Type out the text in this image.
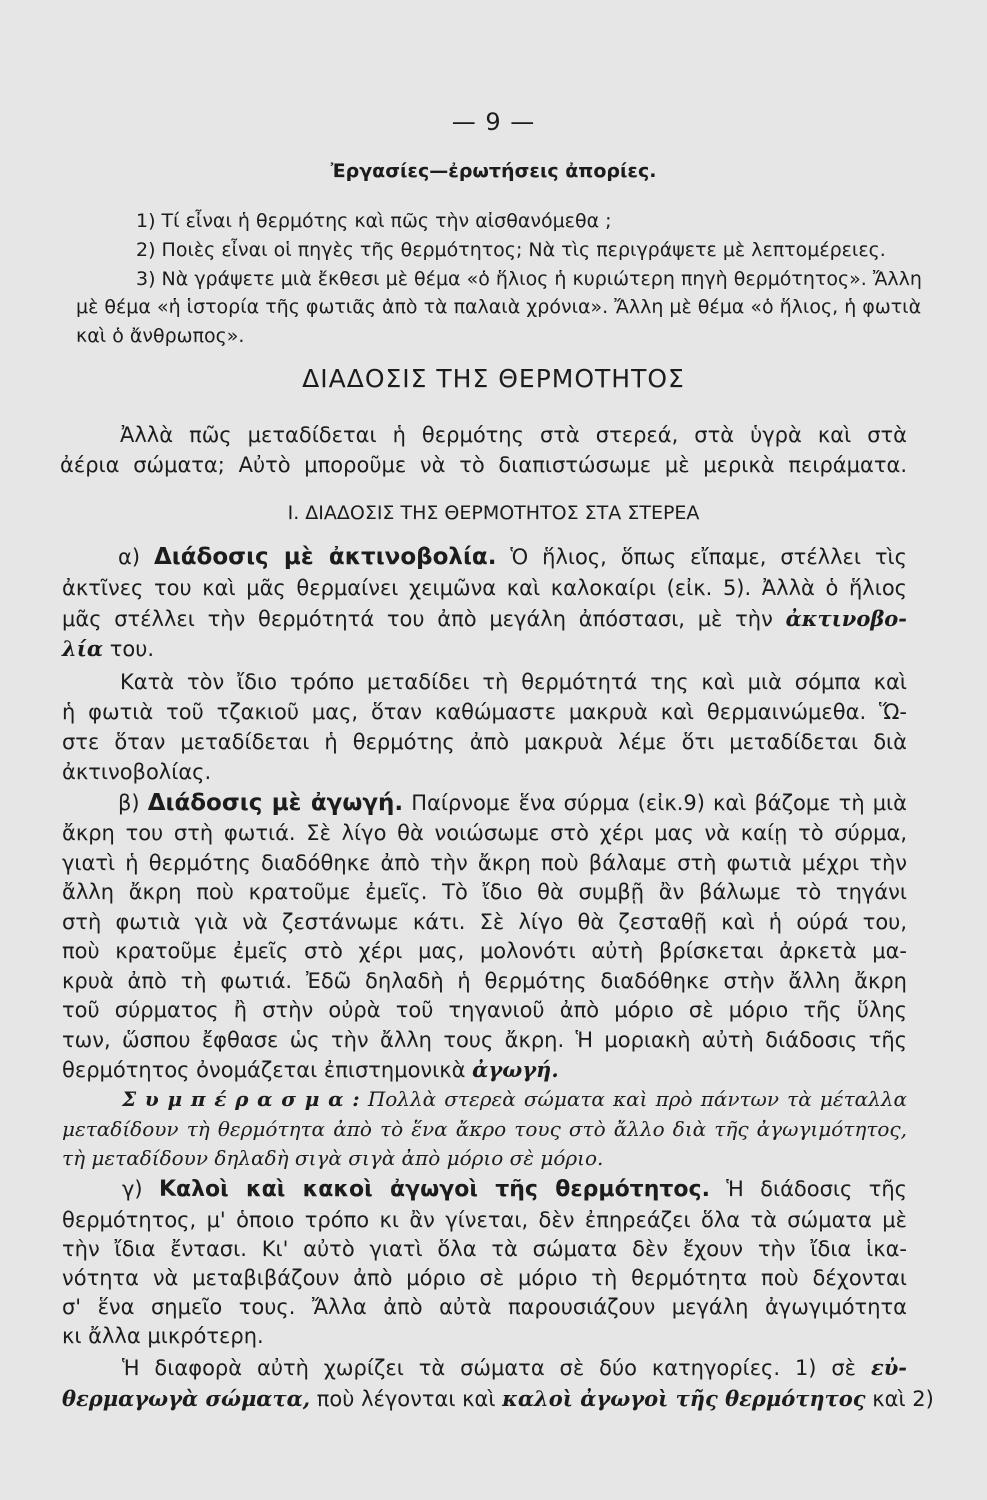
— 9 —
Ἐργασίες—ἐρωτήσεις ἀπορίες.
1) Τί εἶναι ἡ θερμότης καὶ πῶς τὴν αἰσθανόμεθα ;
2) Ποιὲς εἶναι οἱ πηγὲς τῆς θερμότητος; Νὰ τὶς περιγράψετε μὲ λεπτομέρειες.
3) Νὰ γράψετε μιὰ ἔκθεσι μὲ θέμα «ὁ ἥλιος ἡ κυριώτερη πηγὴ θερμότητος». Ἄλλη
μὲ θέμα «ἡ ἱστορία τῆς φωτιᾶς ἀπὸ τὰ παλαιὰ χρόνια». Ἄλλη μὲ θέμα «ὁ ἥλιος, ἡ φωτιὰ
καὶ ὁ ἄνθρωπος».
ΔΙΑΔΟΣΙΣ ΤΗΣ ΘΕΡΜΟΤΗΤΟΣ
Ἀλλὰ πῶς μεταδίδεται ἡ θερμότης στὰ στερεά, στὰ ὑγρὰ καὶ στὰ
ἀέρια σώματα; Αὐτὸ μποροῦμε νὰ τὸ διαπιστώσωμε μὲ μερικὰ πειράματα.
Ι. ΔΙΑΔΟΣΙΣ ΤΗΣ ΘΕΡΜΟΤΗΤΟΣ ΣΤΑ ΣΤΕΡΕΑ
α) Διάδοσις μὲ ἀκτινοβολία. Ὁ ἥλιος, ὅπως εἴπαμε, στέλλει τὶς
ἀκτῖνες του καὶ μᾶς θερμαίνει χειμῶνα καὶ καλοκαίρι (εἰκ. 5). Ἀλλὰ ὁ ἥλιος
μᾶς στέλλει τὴν θερμότητά του ἀπὸ μεγάλη ἀπόστασι, μὲ τὴν ἀκτινοβο-
λία του.
Κατὰ τὸν ἴδιο τρόπο μεταδίδει τὴ θερμότητά της καὶ μιὰ σόμπα καὶ
ἡ φωτιὰ τοῦ τζακιοῦ μας, ὅταν καθώμαστε μακρυὰ καὶ θερμαινώμεθα. Ὥ-
στε ὅταν μεταδίδεται ἡ θερμότης ἀπὸ μακρυὰ λέμε ὅτι μεταδίδεται διὰ
ἀκτινοβολίας.
β) Διάδοσις μὲ ἀγωγή. Παίρνομε ἕνα σύρμα (εἰκ.9) καὶ βάζομε τὴ μιὰ
ἄκρη του στὴ φωτιά. Σὲ λίγο θὰ νοιώσωμε στὸ χέρι μας νὰ καίῃ τὸ σύρμα,
γιατὶ ἡ θερμότης διαδόθηκε ἀπὸ τὴν ἄκρη ποὺ βάλαμε στὴ φωτιὰ μέχρι τὴν
ἄλλη ἄκρη ποὺ κρατοῦμε ἐμεῖς. Τὸ ἴδιο θὰ συμβῇ ἂν βάλωμε τὸ τηγάνι
στὴ φωτιὰ γιὰ νὰ ζεστάνωμε κάτι. Σὲ λίγο θὰ ζεσταθῇ καὶ ἡ ούρά του,
ποὺ κρατοῦμε ἐμεῖς στὸ χέρι μας, μολονότι αὐτὴ βρίσκεται ἀρκετὰ μα-
κρυὰ ἀπὸ τὴ φωτιά. Ἐδῶ δηλαδὴ ἡ θερμότης διαδόθηκε στὴν ἄλλη ἄκρη
τοῦ σύρματος ἢ στὴν οὐρὰ τοῦ τηγανιοῦ ἀπὸ μόριο σὲ μόριο τῆς ὕλης
των, ὥσπου ἔφθασε ὡς τὴν ἄλλη τους ἄκρη. Ἡ μοριακὴ αὐτὴ διάδοσις τῆς
θερμότητος ὀνομάζεται ἐπιστημονικὰ ἀγωγή.
Σ υ μ π έ ρ α σ μ α : Πολλὰ στερεὰ σώματα καὶ πρὸ πάντων τὰ μέταλλα
μεταδίδουν τὴ θερμότητα ἀπὸ τὸ ἕνα ἄκρο τους στὸ ἄλλο διὰ τῆς ἀγωγιμότητος,
τὴ μεταδίδουν δηλαδὴ σιγὰ σιγὰ ἀπὸ μόριο σὲ μόριο.
γ) Καλοὶ καὶ κακοὶ ἀγωγοὶ τῆς θερμότητος. Ἡ διάδοσις τῆς
θερμότητος, μ' ὁποιο τρόπο κι ἂν γίνεται, δὲν ἐπηρεάζει ὅλα τὰ σώματα μὲ
τὴν ἴδια ἔντασι. Κι' αὐτὸ γιατὶ ὅλα τὰ σώματα δὲν ἔχουν τὴν ἴδια ἱκα-
νότητα νὰ μεταβιβάζουν ἀπὸ μόριο σὲ μόριο τὴ θερμότητα ποὺ δέχονται
σ' ἕνα σημεῖο τους. Ἄλλα ἀπὸ αὐτὰ παρουσιάζουν μεγάλη ἀγωγιμότητα
κι ἄλλα μικρότερη.
Ἡ διαφορὰ αὐτὴ χωρίζει τὰ σώματα σὲ δύο κατηγορίες. 1) σὲ εὐ-
θερμαγωγὰ σώματα, ποὺ λέγονται καὶ καλοὶ ἀγωγοὶ τῆς θερμότητος καὶ 2)
